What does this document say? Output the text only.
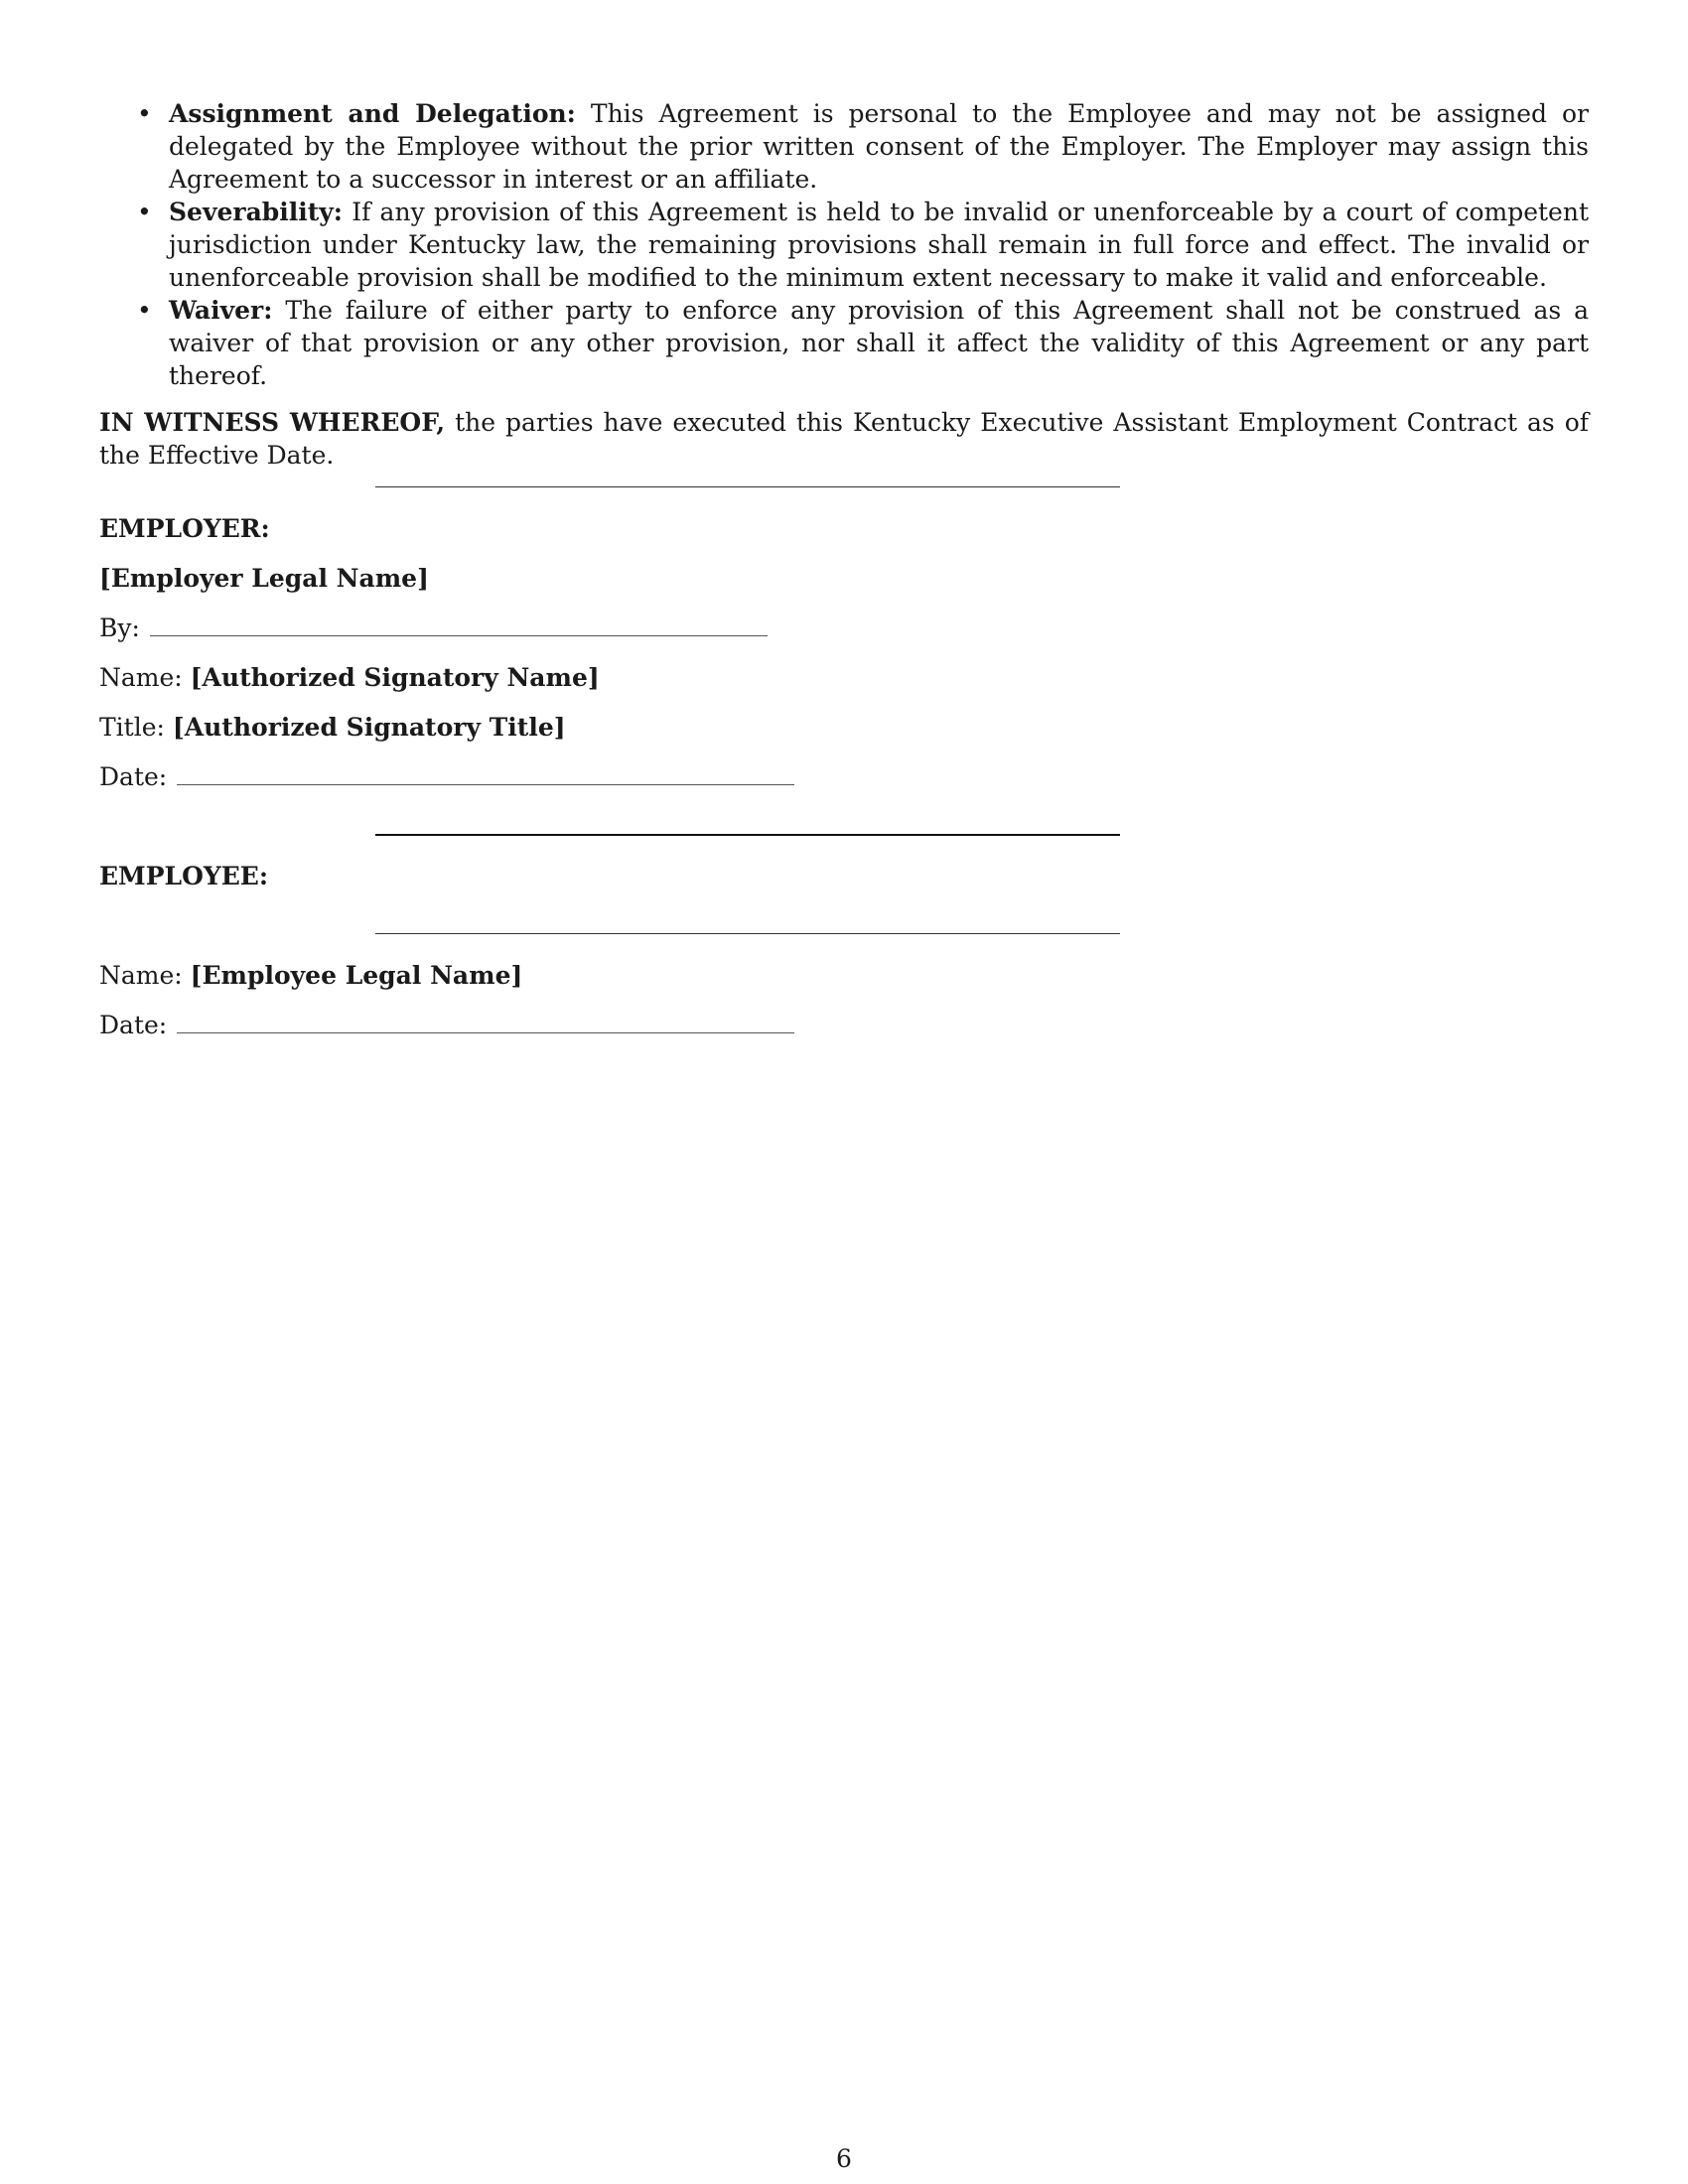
• Assignment and Delegation: This Agreement is personal to the Employee and may not be assigned or delegated by the Employee without the prior written consent of the Employer. The Employer may assign this Agreement to a successor in interest or an affiliate.
• Severability: If any provision of this Agreement is held to be invalid or unenforceable by a court of competent jurisdiction under Kentucky law, the remaining provisions shall remain in full force and effect. The invalid or unenforceable provision shall be modified to the minimum extent necessary to make it valid and enforceable.
• Waiver: The failure of either party to enforce any provision of this Agreement shall not be construed as a waiver of that provision or any other provision, nor shall it affect the validity of this Agreement or any part thereof.
IN WITNESS WHEREOF, the parties have executed this Kentucky Executive Assistant Employment Contract as of the Effective Date.
EMPLOYER:
[Employer Legal Name]
By:
Name: [Authorized Signatory Name]
Title: [Authorized Signatory Title]
Date:
EMPLOYEE:
Name: [Employee Legal Name]
Date:
6
